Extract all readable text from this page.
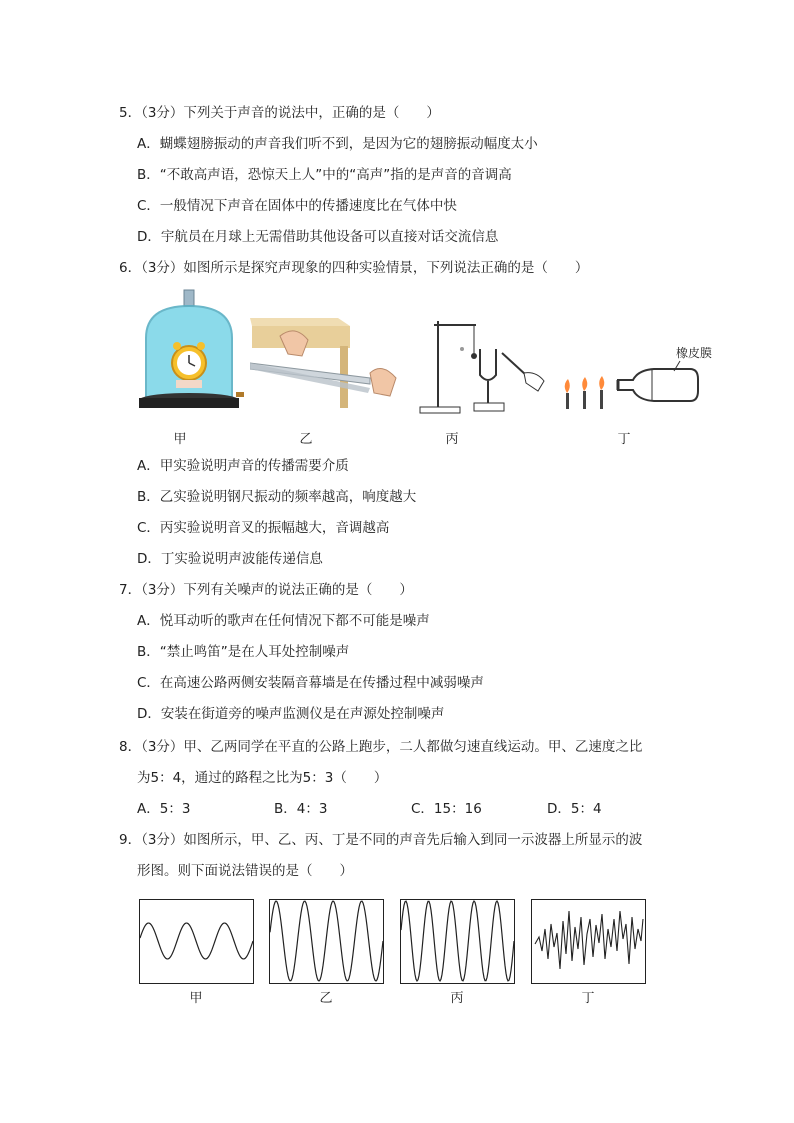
5．（3分）下列关于声音的说法中，正确的是（　　）
A．蝴蝶翅膀振动的声音我们听不到，是因为它的翅膀振动幅度太小
B．“不敢高声语，恐惊天上人”中的“高声”指的是声音的音调高
C．一般情况下声音在固体中的传播速度比在气体中快
D．宇航员在月球上无需借助其他设备可以直接对话交流信息
6．（3分）如图所示是探究声现象的四种实验情景，下列说法正确的是（　　）
橡皮膜
甲	乙	丙	丁
A．甲实验说明声音的传播需要介质
B．乙实验说明钢尺振动的频率越高，响度越大
C．丙实验说明音叉的振幅越大，音调越高
D．丁实验说明声波能传递信息
7．（3分）下列有关噪声的说法正确的是（　　）
A．悦耳动听的歌声在任何情况下都不可能是噪声
B．“禁止鸣笛”是在人耳处控制噪声
C．在高速公路两侧安装隔音幕墙是在传播过程中减弱噪声
D．安装在街道旁的噪声监测仪是在声源处控制噪声
8．（3分）甲、乙两同学在平直的公路上跑步，二人都做匀速直线运动。甲、乙速度之比
为5：4，通过的路程之比为5：3（　　）
A．5：3	B．4：3	C．15：16	D．5：4
9．（3分）如图所示，甲、乙、丙、丁是不同的声音先后输入到同一示波器上所显示的波
形图。则下面说法错误的是（　　）
甲	乙	丙	丁
